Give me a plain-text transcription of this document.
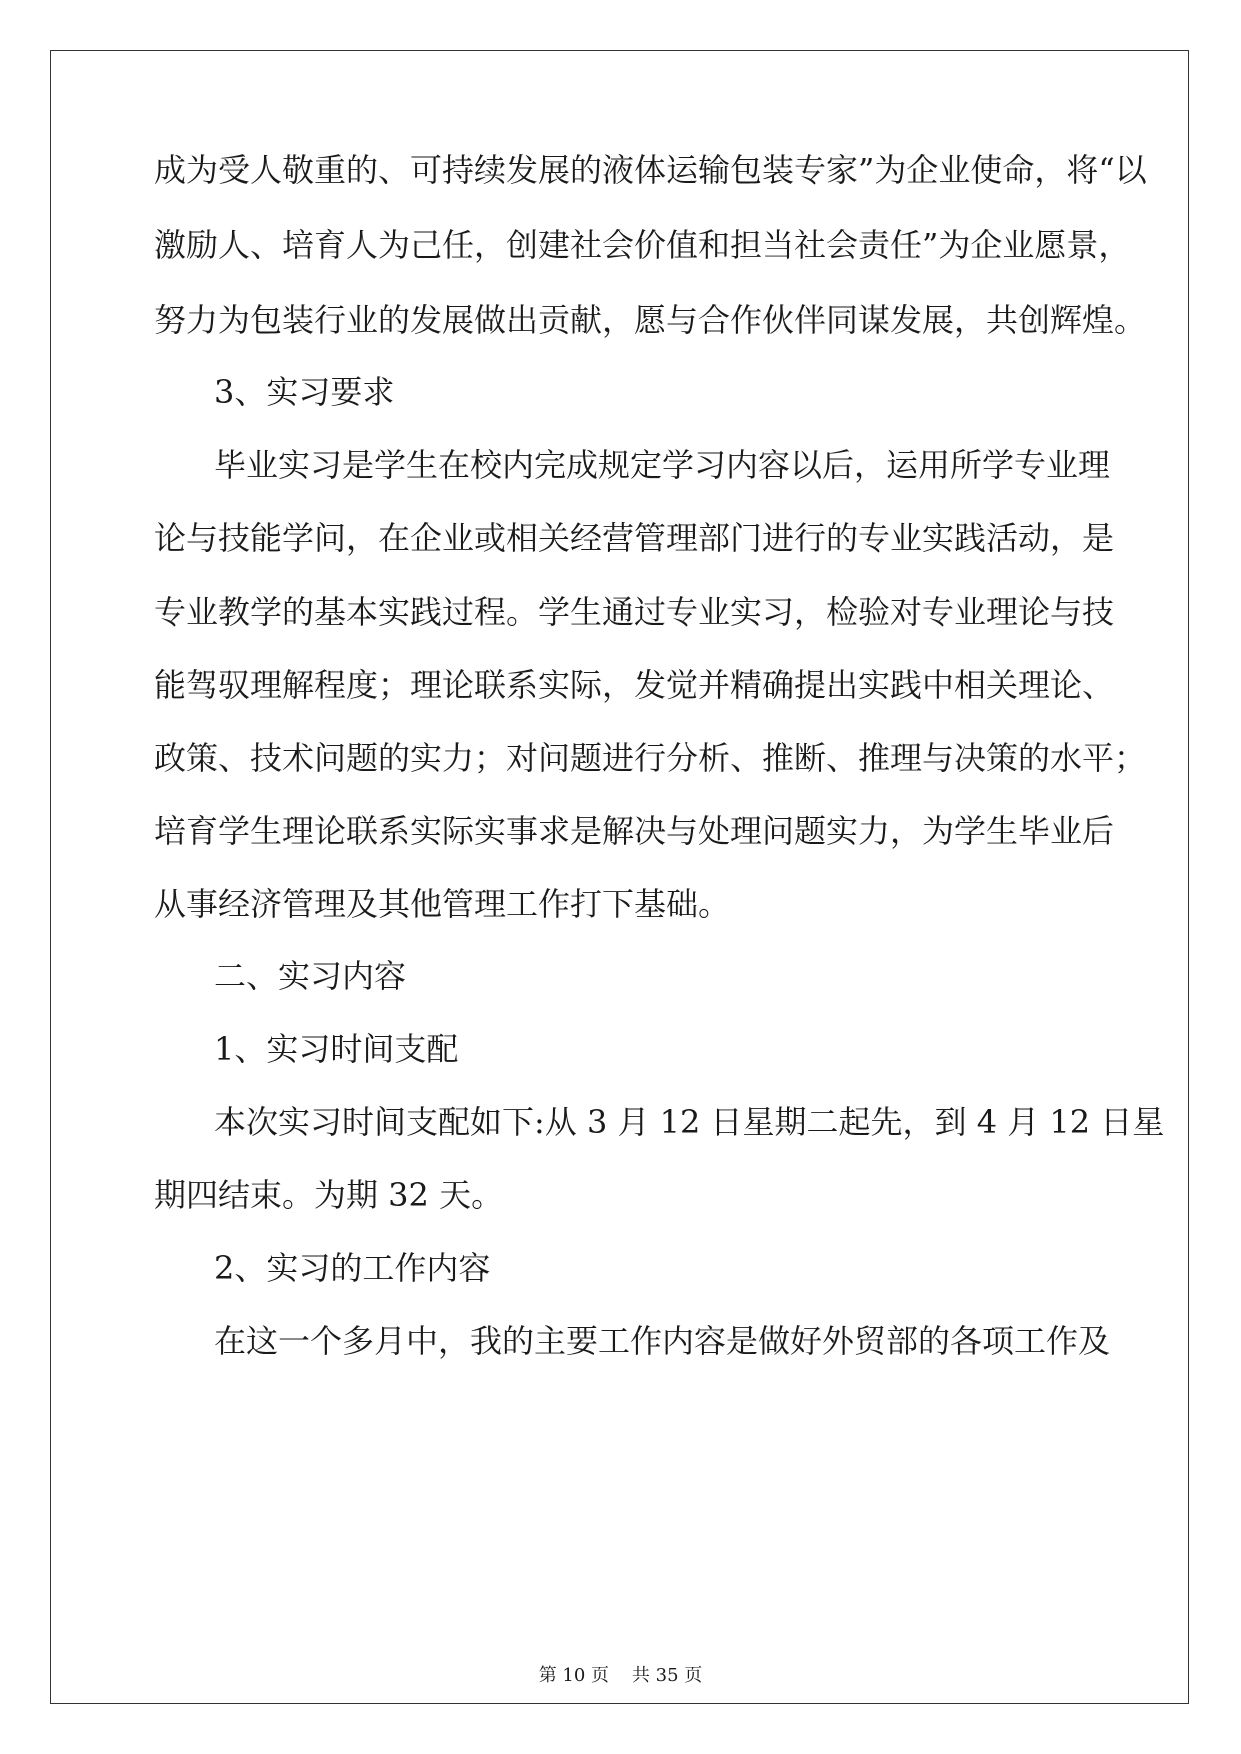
成为受人敬重的、可持续发展的液体运输包装专家”为企业使命，将“以
激励人、培育人为己任，创建社会价值和担当社会责任”为企业愿景，
努力为包装行业的发展做出贡献，愿与合作伙伴同谋发展，共创辉煌。
3、实习要求
毕业实习是学生在校内完成规定学习内容以后，运用所学专业理
论与技能学问，在企业或相关经营管理部门进行的专业实践活动，是
专业教学的基本实践过程。学生通过专业实习，检验对专业理论与技
能驾驭理解程度；理论联系实际，发觉并精确提出实践中相关理论、
政策、技术问题的实力；对问题进行分析、推断、推理与决策的水平；
培育学生理论联系实际实事求是解决与处理问题实力，为学生毕业后
从事经济管理及其他管理工作打下基础。
二、实习内容
1、实习时间支配
本次实习时间支配如下:从 3 月 12 日星期二起先，到 4 月 12 日星
期四结束。为期 32 天。
2、实习的工作内容
在这一个多月中，我的主要工作内容是做好外贸部的各项工作及
第 10 页    共 35 页
